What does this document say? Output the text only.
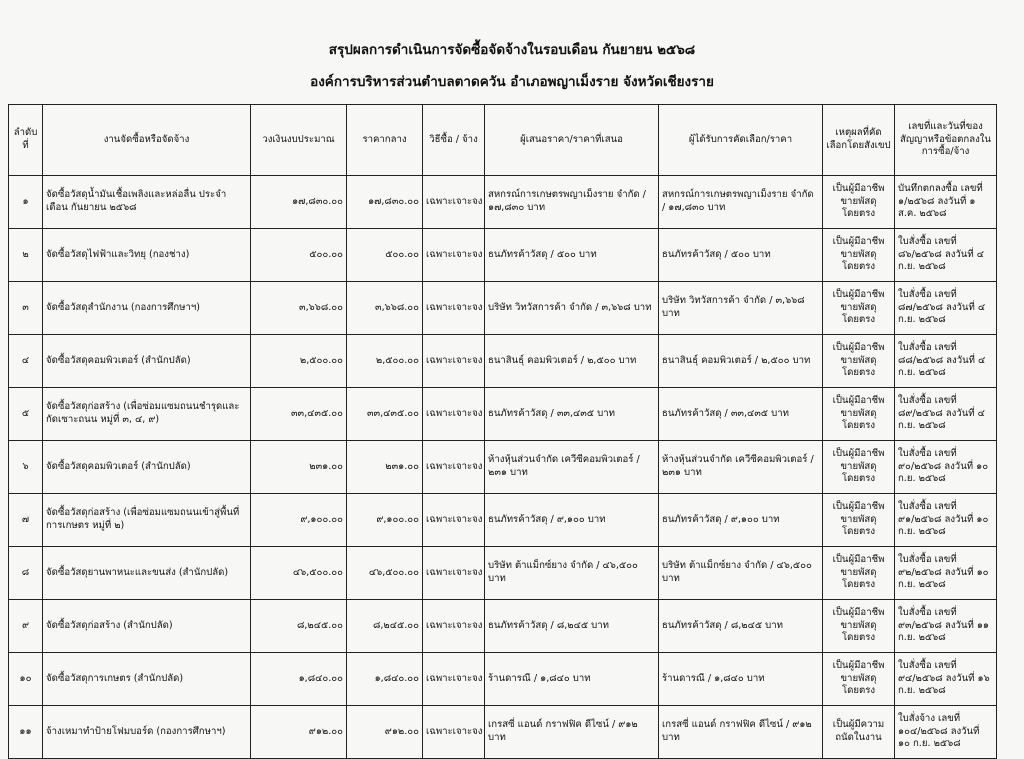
สรุปผลการดำเนินการจัดซื้อจัดจ้างในรอบเดือน กันยายน ๒๕๖๘
องค์การบริหารส่วนตำบลตาดควัน อำเภอพญาเม็งราย จังหวัดเชียงราย
ลำดับที่	งานจัดซื้อหรือจัดจ้าง	วงเงินงบประมาณ	ราคากลาง	วิธีซื้อ / จ้าง	ผู้เสนอราคา/ราคาที่เสนอ	ผู้ได้รับการคัดเลือก/ราคา	เหตุผลที่คัดเลือกโดยสังเขป	เลขที่และวันที่ของสัญญาหรือข้อตกลงในการซื้อ/จ้าง
๑	จัดซื้อวัสดุน้ำมันเชื้อเพลิงและหล่อลื่น ประจำเดือน กันยายน ๒๕๖๘	๑๗,๘๓๐.๐๐	๑๗,๘๓๐.๐๐	เฉพาะเจาะจง	สหกรณ์การเกษตรพญาเม็งราย จำกัด / ๑๗,๘๓๐ บาท	สหกรณ์การเกษตรพญาเม็งราย จำกัด / ๑๗,๘๓๐ บาท	เป็นผู้มีอาชีพขายพัสดุโดยตรง	บันทึกตกลงซื้อ เลขที่ ๑/๒๕๖๘ ลงวันที่ ๑ ส.ค. ๒๕๖๘
๒	จัดซื้อวัสดุไฟฟ้าและวิทยุ (กองช่าง)	๕๐๐.๐๐	๕๐๐.๐๐	เฉพาะเจาะจง	ธนภัทรค้าวัสดุ / ๕๐๐ บาท	ธนภัทรค้าวัสดุ / ๕๐๐ บาท	เป็นผู้มีอาชีพขายพัสดุโดยตรง	ใบสั่งซื้อ เลขที่ ๘๖/๒๕๖๘ ลงวันที่ ๔ ก.ย. ๒๕๖๘
๓	จัดซื้อวัสดุสำนักงาน (กองการศึกษาฯ)	๓,๖๖๘.๐๐	๓,๖๖๘.๐๐	เฉพาะเจาะจง	บริษัท วิทวัสการค้า จำกัด / ๓,๖๖๘ บาท	บริษัท วิทวัสการค้า จำกัด / ๓,๖๖๘ บาท	เป็นผู้มีอาชีพขายพัสดุโดยตรง	ใบสั่งซื้อ เลขที่ ๘๗/๒๕๖๘ ลงวันที่ ๔ ก.ย. ๒๕๖๘
๔	จัดซื้อวัสดุคอมพิวเตอร์ (สำนักปลัด)	๒,๕๐๐.๐๐	๒,๕๐๐.๐๐	เฉพาะเจาะจง	ธนาสินธุ์ คอมพิวเตอร์ / ๒,๕๐๐ บาท	ธนาสินธุ์ คอมพิวเตอร์ / ๒,๕๐๐ บาท	เป็นผู้มีอาชีพขายพัสดุโดยตรง	ใบสั่งซื้อ เลขที่ ๘๘/๒๕๖๘ ลงวันที่ ๔ ก.ย. ๒๕๖๘
๕	จัดซื้อวัสดุก่อสร้าง (เพื่อซ่อมแซมถนนชำรุดและกัดเซาะถนน หมู่ที่ ๓, ๔, ๙)	๓๓,๔๓๕.๐๐	๓๓,๔๓๕.๐๐	เฉพาะเจาะจง	ธนภัทรค้าวัสดุ / ๓๓,๔๓๕ บาท	ธนภัทรค้าวัสดุ / ๓๓,๔๓๕ บาท	เป็นผู้มีอาชีพขายพัสดุโดยตรง	ใบสั่งซื้อ เลขที่ ๘๙/๒๕๖๘ ลงวันที่ ๔ ก.ย. ๒๕๖๘
๖	จัดซื้อวัสดุคอมพิวเตอร์ (สำนักปลัด)	๒๓๑.๐๐	๒๓๑.๐๐	เฉพาะเจาะจง	ห้างหุ้นส่วนจำกัด เควีซีคอมพิวเตอร์ / ๒๓๑ บาท	ห้างหุ้นส่วนจำกัด เควีซีคอมพิวเตอร์ / ๒๓๑ บาท	เป็นผู้มีอาชีพขายพัสดุโดยตรง	ใบสั่งซื้อ เลขที่ ๙๐/๒๕๖๘ ลงวันที่ ๑๐ ก.ย. ๒๕๖๘
๗	จัดซื้อวัสดุก่อสร้าง (เพื่อซ่อมแซมถนนเข้าสู่พื้นที่การเกษตร หมู่ที่ ๒)	๙,๑๐๐.๐๐	๙,๑๐๐.๐๐	เฉพาะเจาะจง	ธนภัทรค้าวัสดุ / ๙,๑๐๐ บาท	ธนภัทรค้าวัสดุ / ๙,๑๐๐ บาท	เป็นผู้มีอาชีพขายพัสดุโดยตรง	ใบสั่งซื้อ เลขที่ ๙๑/๒๕๖๘ ลงวันที่ ๑๐ ก.ย. ๒๕๖๘
๘	จัดซื้อวัสดุยานพาหนะและขนส่ง (สำนักปลัด)	๔๖,๕๐๐.๐๐	๔๖,๕๐๐.๐๐	เฉพาะเจาะจง	บริษัท ต้าแม็กซ์ยาง จำกัด / ๔๖,๕๐๐ บาท	บริษัท ต้าแม็กซ์ยาง จำกัด / ๔๖,๕๐๐ บาท	เป็นผู้มีอาชีพขายพัสดุโดยตรง	ใบสั่งซื้อ เลขที่ ๙๒/๒๕๖๘ ลงวันที่ ๑๐ ก.ย. ๒๕๖๘
๙	จัดซื้อวัสดุก่อสร้าง (สำนักปลัด)	๘,๒๔๕.๐๐	๘,๒๔๕.๐๐	เฉพาะเจาะจง	ธนภัทรค้าวัสดุ / ๘,๒๔๕ บาท	ธนภัทรค้าวัสดุ / ๘,๒๔๕ บาท	เป็นผู้มีอาชีพขายพัสดุโดยตรง	ใบสั่งซื้อ เลขที่ ๙๓/๒๕๖๘ ลงวันที่ ๑๑ ก.ย. ๒๕๖๘
๑๐	จัดซื้อวัสดุการเกษตร (สำนักปลัด)	๑,๘๔๐.๐๐	๑,๘๔๐.๐๐	เฉพาะเจาะจง	ร้านดารณี / ๑,๘๔๐ บาท	ร้านดารณี / ๑,๘๔๐ บาท	เป็นผู้มีอาชีพขายพัสดุโดยตรง	ใบสั่งซื้อ เลขที่ ๙๔/๒๕๖๘ ลงวันที่ ๑๖ ก.ย. ๒๕๖๘
๑๑	จ้างเหมาทำป้ายโฟมบอร์ด (กองการศึกษาฯ)	๙๑๒.๐๐	๙๑๒.๐๐	เฉพาะเจาะจง	เกรสซี่ แอนด์ กราฟฟิค ดีไซน์ / ๙๑๒ บาท	เกรสซี่ แอนด์ กราฟฟิค ดีไซน์ / ๙๑๒ บาท	เป็นผู้มีความถนัดในงาน	ใบสั่งจ้าง เลขที่ ๑๐๔/๒๕๖๘ ลงวันที่ ๑๐ ก.ย. ๒๕๖๘
